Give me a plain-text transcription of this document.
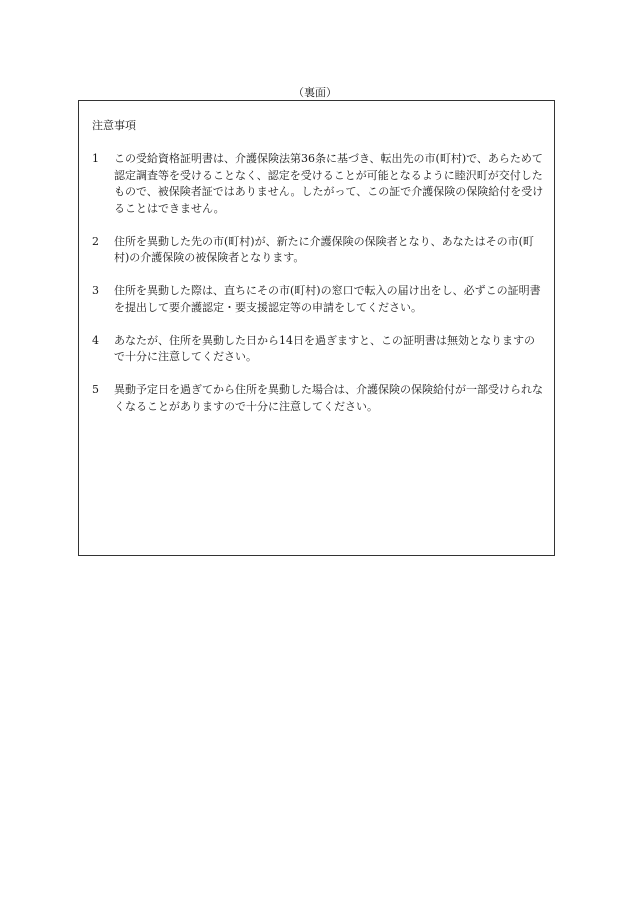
（裏面）
注意事項
1	この受給資格証明書は、介護保険法第36条に基づき、転出先の市(町村)で、あらためて認定調査等を受けることなく、認定を受けることが可能となるように睦沢町が交付したもので、被保険者証ではありません。したがって、この証で介護保険の保険給付を受けることはできません。
2	住所を異動した先の市(町村)が、新たに介護保険の保険者となり、あなたはその市(町村)の介護保険の被保険者となります。
3	住所を異動した際は、直ちにその市(町村)の窓口で転入の届け出をし、必ずこの証明書を提出して要介護認定・要支援認定等の申請をしてください。
4	あなたが、住所を異動した日から14日を過ぎますと、この証明書は無効となりますので十分に注意してください。
5	異動予定日を過ぎてから住所を異動した場合は、介護保険の保険給付が一部受けられなくなることがありますので十分に注意してください。
